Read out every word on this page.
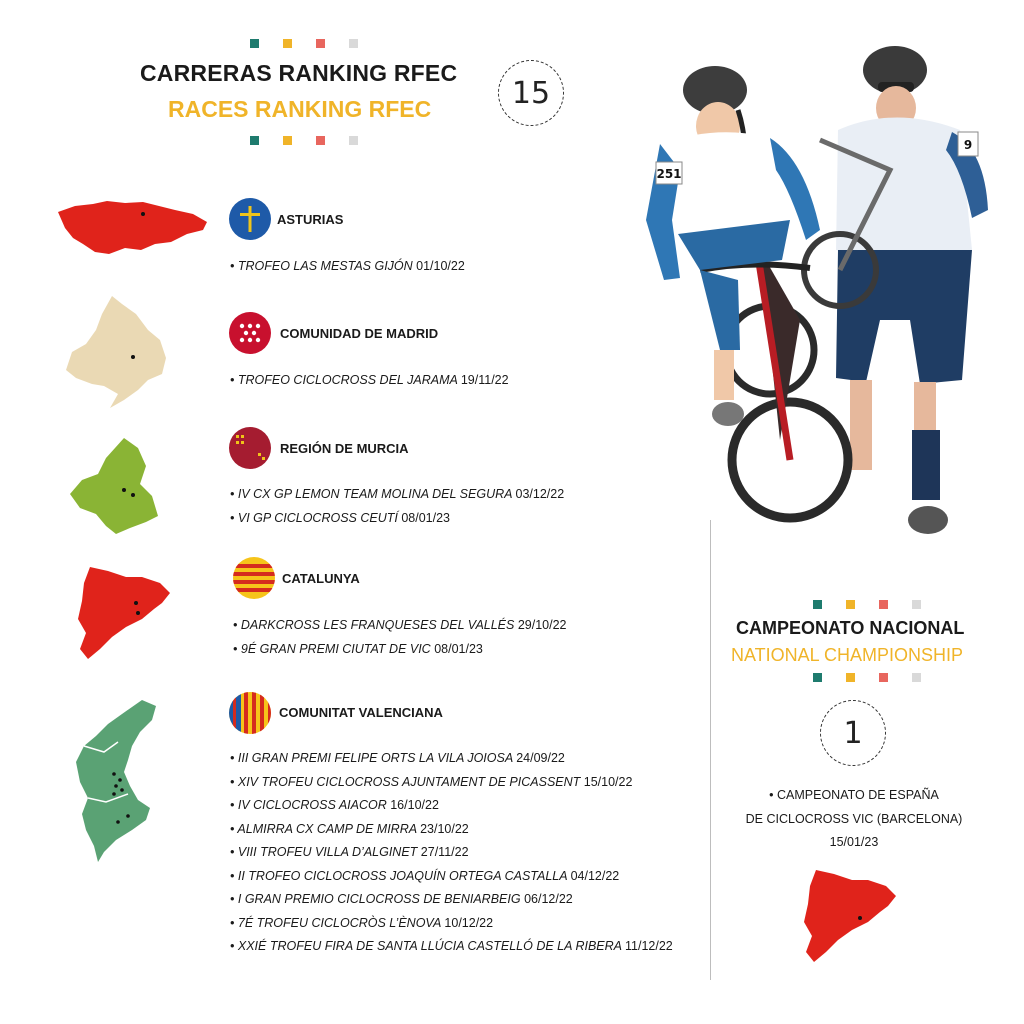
CARRERAS RANKING RFEC
RACES RANKING RFEC	15
ASTURIAS
• TROFEO LAS MESTAS GIJÓN 01/10/22
COMUNIDAD DE MADRID
• TROFEO CICLOCROSS DEL JARAMA 19/11/22
REGIÓN DE MURCIA
• IV CX GP LEMON TEAM MOLINA DEL SEGURA 03/12/22
• VI GP CICLOCROSS CEUTÍ 08/01/23
CATALUNYA
• DARKCROSS LES FRANQUESES DEL VALLÉS 29/10/22
• 9É GRAN PREMI CIUTAT DE VIC 08/01/23
COMUNITAT VALENCIANA
• III GRAN PREMI FELIPE ORTS LA VILA JOIOSA 24/09/22
• XIV TROFEU CICLOCROSS AJUNTAMENT DE PICASSENT 15/10/22
• IV CICLOCROSS AIACOR 16/10/22
• ALMIRRA CX CAMP DE MIRRA 23/10/22
• VIII TROFEU VILLA D’ALGINET 27/11/22
• II TROFEO CICLOCROSS JOAQUÍN ORTEGA CASTALLA 04/12/22
• I GRAN PREMIO CICLOCROSS DE BENIARBEIG 06/12/22
• 7É TROFEU CICLOCRÒS L’ÈNOVA 10/12/22
• XXIÉ TROFEU FIRA DE SANTA LLÚCIA CASTELLÓ DE LA RIBERA 11/12/22
251
9
CAMPEONATO NACIONAL
NATIONAL CHAMPIONSHIP
1
• CAMPEONATO DE ESPAÑA
DE CICLOCROSS VIC (BARCELONA)
15/01/23
